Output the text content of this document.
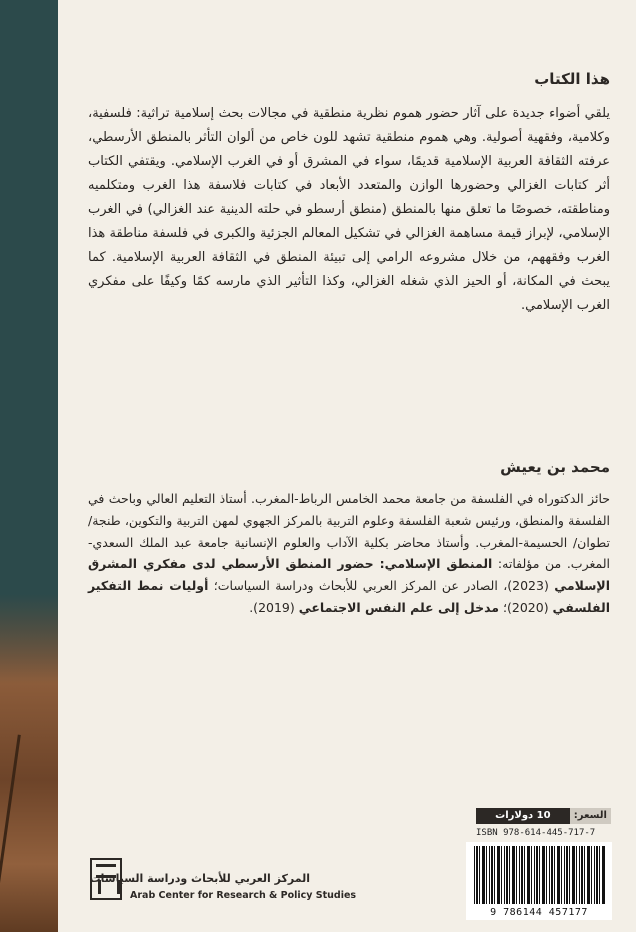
هذا الكتاب

يلقي أضواء جديدة على آثار حضور هموم نظرية منطقية في مجالات بحث إسلامية تراثية: فلسفية، وكلامية، وفقهية أصولية. وهي هموم منطقية تشهد للون خاص من ألوان التأثر بالمنطق الأرسطي، عرفته الثقافة العربية الإسلامية قديمًا، سواء في المشرق أو في الغرب الإسلامي. ويقتفي الكتاب أثر كتابات الغزالي وحضورها الوازن والمتعدد الأبعاد في كتابات فلاسفة هذا الغرب ومتكلميه ومناطقته، خصوصًا ما تعلق منها بالمنطق (منطق أرسطو في حلته الدينية عند الغزالي) في الغرب الإسلامي، لإبراز قيمة مساهمة الغزالي في تشكيل المعالم الجزئية والكبرى في فلسفة مناطقة هذا الغرب وفقههم، من خلال مشروعه الرامي إلى تبيئة المنطق في الثقافة العربية الإسلامية. كما يبحث في المكانة، أو الحيز الذي شغله الغزالي، وكذا التأثير الذي مارسه كمًا وكيفًا على مفكري الغرب الإسلامي.

محمد بن يعيش

حائز الدكتوراه في الفلسفة من جامعة محمد الخامس الرباط-المغرب. أستاذ التعليم العالي وباحث في الفلسفة والمنطق، ورئيس شعبة الفلسفة وعلوم التربية بالمركز الجهوي لمهن التربية والتكوين، طنجة/ تطوان/ الحسيمة-المغرب. وأستاذ محاضر بكلية الآداب والعلوم الإنسانية جامعة عبد الملك السعدي-المغرب. من مؤلفاته: المنطق الإسلامي: حضور المنطق الأرسطي لدى مفكري المشرق الإسلامي (2023)، الصادر عن المركز العربي للأبحاث ودراسة السياسات؛ أوليات نمط التفكير الفلسفي (2020)؛ مدخل إلى علم النفس الاجتماعي (2019).

السعر:
10 دولارات
ISBN 978-614-445-717-7
9 786144 457177
المركز العربي للأبحاث ودراسة السياسات
Arab Center for Research & Policy Studies
